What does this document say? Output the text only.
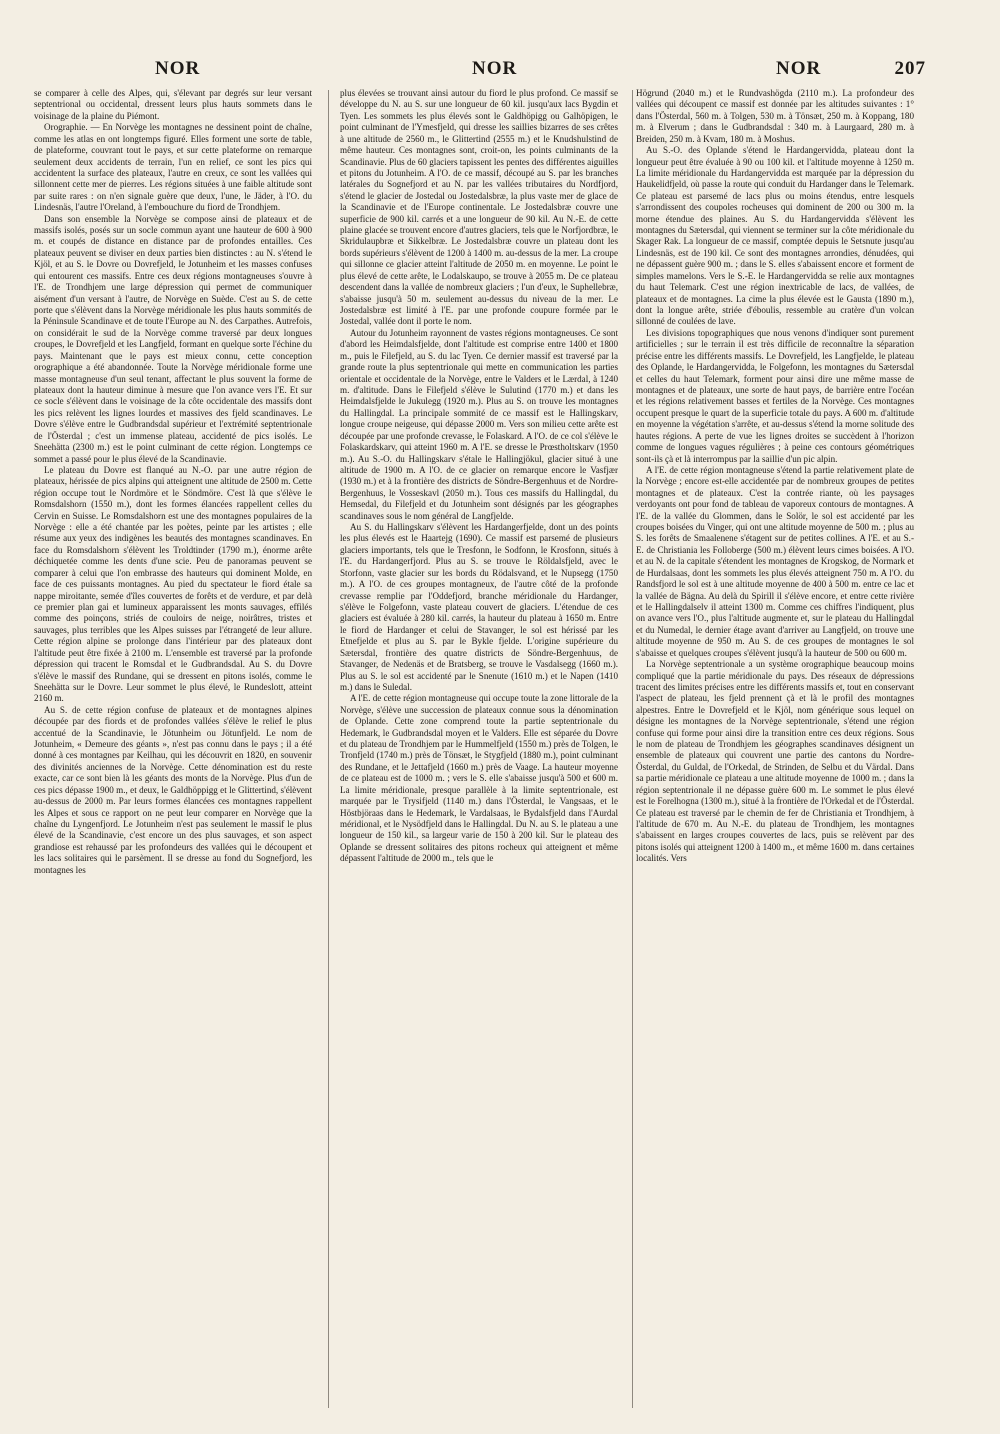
NOR	NOR	NOR	207

se comparer à celle des Alpes, qui, s'élevant par degrés sur leur versant septentrional ou occidental, dressent leurs plus hauts sommets dans le voisinage de la plaine du Piémont.

Orographie. — En Norvège les montagnes ne dessinent point de chaîne, comme les atlas en ont longtemps figuré. Elles forment une sorte de table, de plateforme, couvrant tout le pays, et sur cette plateforme on remarque seulement deux accidents de terrain, l'un en relief, ce sont les pics qui accidentent la surface des plateaux, l'autre en creux, ce sont les vallées qui sillonnent cette mer de pierres. Les régions situées à une faible altitude sont par suite rares : on n'en signale guère que deux, l'une, le Jäder, à l'O. du Lindesnäs, l'autre l'Oreland, à l'embouchure du fiord de Trondhjem.

Dans son ensemble la Norvège se compose ainsi de plateaux et de massifs isolés, posés sur un socle commun ayant une hauteur de 600 à 900 m. et coupés de distance en distance par de profondes entailles. Ces plateaux peuvent se diviser en deux parties bien distinctes : au N. s'étend le Kjöl, et au S. le Dovre ou Dovrefjeld, le Jotunheim et les masses confuses qui entourent ces massifs. Entre ces deux régions montagneuses s'ouvre à l'E. de Trondhjem une large dépression qui permet de communiquer aisément d'un versant à l'autre, de Norvège en Suède. C'est au S. de cette porte que s'élèvent dans la Norvège méridionale les plus hauts sommités de la Péninsule Scandinave et de toute l'Europe au N. des Carpathes. Autrefois, on considérait le sud de la Norvège comme traversé par deux longues croupes, le Dovrefjeld et les Langfjeld, formant en quelque sorte l'échine du pays. Maintenant que le pays est mieux connu, cette conception orographique a été abandonnée. Toute la Norvège méridionale forme une masse montagneuse d'un seul tenant, affectant le plus souvent la forme de plateaux dont la hauteur diminue à mesure que l'on avance vers l'E. Et sur ce socle s'élèvent dans le voisinage de la côte occidentale des massifs dont les pics relèvent les lignes lourdes et massives des fjeld scandinaves. Le Dovre s'élève entre le Gudbrandsdal supérieur et l'extrémité septentrionale de l'Österdal ; c'est un immense plateau, accidenté de pics isolés. Le Sneehätta (2300 m.) est le point culminant de cette région. Longtemps ce sommet a passé pour le plus élevé de la Scandinavie.

Le plateau du Dovre est flanqué au N.-O. par une autre région de plateaux, hérissée de pics alpins qui atteignent une altitude de 2500 m. Cette région occupe tout le Nordmöre et le Söndmöre. C'est là que s'élève le Romsdalshorn (1550 m.), dont les formes élancées rappellent celles du Cervin en Suisse. Le Romsdalshorn est une des montagnes populaires de la Norvège : elle a été chantée par les poètes, peinte par les artistes ; elle résume aux yeux des indigènes les beautés des montagnes scandinaves. En face du Romsdalshorn s'élèvent les Troldtinder (1790 m.), énorme arête déchiquetée comme les dents d'une scie. Peu de panoramas peuvent se comparer à celui que l'on embrasse des hauteurs qui dominent Molde, en face de ces puissants montagnes. Au pied du spectateur le fiord étale sa nappe miroitante, semée d'îles couvertes de forêts et de verdure, et par delà ce premier plan gai et lumineux apparaissent les monts sauvages, effilés comme des poinçons, striés de couloirs de neige, noirâtres, tristes et sauvages, plus terribles que les Alpes suisses par l'étrangeté de leur allure. Cette région alpine se prolonge dans l'intérieur par des plateaux dont l'altitude peut être fixée à 2100 m. L'ensemble est traversé par la profonde dépression qui tracent le Romsdal et le Gudbrandsdal. Au S. du Dovre s'élève le massif des Rundane, qui se dressent en pitons isolés, comme le Sneehätta sur le Dovre. Leur sommet le plus élevé, le Rundeslott, atteint 2160 m.

Au S. de cette région confuse de plateaux et de montagnes alpines découpée par des fiords et de profondes vallées s'élève le relief le plus accentué de la Scandinavie, le Jötunheim ou Jötunfjeld. Le nom de Jotunheim, « Demeure des géants », n'est pas connu dans le pays ; il a été donné à ces montagnes par Keilhau, qui les découvrit en 1820, en souvenir des divinités anciennes de la Norvège. Cette dénomination est du reste exacte, car ce sont bien là les géants des monts de la Norvège. Plus d'un de ces pics dépasse 1900 m., et deux, le Galdhöppigg et le Glittertind, s'élèvent au-dessus de 2000 m. Par leurs formes élancées ces montagnes rappellent les Alpes et sous ce rapport on ne peut leur comparer en Norvège que la chaîne du Lyngenfjord. Le Jotunheim n'est pas seulement le massif le plus élevé de la Scandinavie, c'est encore un des plus sauvages, et son aspect grandiose est rehaussé par les profondeurs des vallées qui le découpent et les lacs solitaires qui le parsèment. Il se dresse au fond du Sognefjord, les montagnes les

plus élevées se trouvant ainsi autour du fiord le plus profond. Ce massif se développe du N. au S. sur une longueur de 60 kil. jusqu'aux lacs Bygdin et Tyen. Les sommets les plus élevés sont le Galdhöpigg ou Galhöpigen, le point culminant de l'Ymesfjeld, qui dresse les saillies bizarres de ses crêtes à une altitude de 2560 m., le Glittertind (2555 m.) et le Knudshulstind de même hauteur. Ces montagnes sont, croit-on, les points culminants de la Scandinavie. Plus de 60 glaciers tapissent les pentes des différentes aiguilles et pitons du Jotunheim. A l'O. de ce massif, découpé au S. par les branches latérales du Sognefjord et au N. par les vallées tributaires du Nordfjord, s'étend le glacier de Jostedal ou Jostedalsbræ, la plus vaste mer de glace de la Scandinavie et de l'Europe continentale. Le Jostedalsbræ couvre une superficie de 900 kil. carrés et a une longueur de 90 kil. Au N.-E. de cette plaine glacée se trouvent encore d'autres glaciers, tels que le Norfjordbræ, le Skridulaupbræ et Sikkelbræ. Le Jostedalsbræ couvre un plateau dont les bords supérieurs s'élèvent de 1200 à 1400 m. au-dessus de la mer. La croupe qui sillonne ce glacier atteint l'altitude de 2050 m. en moyenne. Le point le plus élevé de cette arête, le Lodalskaupo, se trouve à 2055 m. De ce plateau descendent dans la vallée de nombreux glaciers ; l'un d'eux, le Suphellebræ, s'abaisse jusqu'à 50 m. seulement au-dessus du niveau de la mer. Le Jostedalsbræ est limité à l'E. par une profonde coupure formée par le Jostedal, vallée dont il porte le nom.

Autour du Jotunheim rayonnent de vastes régions montagneuses. Ce sont d'abord les Heimdalsfjelde, dont l'altitude est comprise entre 1400 et 1800 m., puis le Filefjeld, au S. du lac Tyen. Ce dernier massif est traversé par la grande route la plus septentrionale qui mette en communication les parties orientale et occidentale de la Norvège, entre le Valders et le Lærdal, à 1240 m. d'altitude. Dans le Filefjeld s'élève le Sulutind (1770 m.) et dans les Heimdalsfjelde le Jukulegg (1920 m.). Plus au S. on trouve les montagnes du Hallingdal. La principale sommité de ce massif est le Hallingskarv, longue croupe neigeuse, qui dépasse 2000 m. Vers son milieu cette arête est découpée par une profonde crevasse, le Folaskard. A l'O. de ce col s'élève le Folaskardskarv, qui atteint 1960 m. A l'E. se dresse le Prœstholtskarv (1950 m.). Au S.-O. du Hallingskarv s'étale le Hallingjökul, glacier situé à une altitude de 1900 m. A l'O. de ce glacier on remarque encore le Vasfjær (1930 m.) et à la frontière des districts de Söndre-Bergenhuus et de Nordre-Bergenhuus, le Vosseskavl (2050 m.). Tous ces massifs du Hallingdal, du Hemsedal, du Filefjeld et du Jotunheim sont désignés par les géographes scandinaves sous le nom général de Langfjelde.

Au S. du Hallingskarv s'élèvent les Hardangerfjelde, dont un des points les plus élevés est le Haartejg (1690). Ce massif est parsemé de plusieurs glaciers importants, tels que le Tresfonn, le Sodfonn, le Krosfonn, situés à l'E. du Hardangerfjord. Plus au S. se trouve le Röldalsfjeld, avec le Storfonn, vaste glacier sur les bords du Rödalsvand, et le Nupsegg (1750 m.). A l'O. de ces groupes montagneux, de l'autre côté de la profonde crevasse remplie par l'Oddefjord, branche méridionale du Hardanger, s'élève le Folgefonn, vaste plateau couvert de glaciers. L'étendue de ces glaciers est évaluée à 280 kil. carrés, la hauteur du plateau à 1650 m. Entre le fiord de Hardanger et celui de Stavanger, le sol est hérissé par les Etnefjelde et plus au S. par le Bykle fjelde. L'origine supérieure du Sætersdal, frontière des quatre districts de Söndre-Bergenhuus, de Stavanger, de Nedenäs et de Bratsberg, se trouve le Vasdalsegg (1660 m.). Plus au S. le sol est accidenté par le Snenute (1610 m.) et le Napen (1410 m.) dans le Suledal.

A l'E. de cette région montagneuse qui occupe toute la zone littorale de la Norvège, s'élève une succession de plateaux connue sous la dénomination de Oplande. Cette zone comprend toute la partie septentrionale du Hedemark, le Gudbrandsdal moyen et le Valders. Elle est séparée du Dovre et du plateau de Trondhjem par le Hummelfjeld (1550 m.) près de Tolgen, le Tronfjeld (1740 m.) près de Tönsæt, le Stygfjeld (1880 m.), point culminant des Rundane, et le Jettafjeld (1660 m.) près de Vaage. La hauteur moyenne de ce plateau est de 1000 m. ; vers le S. elle s'abaisse jusqu'à 500 et 600 m. La limite méridionale, presque parallèle à la limite septentrionale, est marquée par le Trysifjeld (1140 m.) dans l'Österdal, le Vangsaas, et le Höstbjöraas dans le Hedemark, le Vardalsaas, le Bydalsfjeld dans l'Aurdal méridional, et le Nysödfjeld dans le Hallingdal. Du N. au S. le plateau a une longueur de 150 kil., sa largeur varie de 150 à 200 kil. Sur le plateau des Oplande se dressent solitaires des pitons rocheux qui atteignent et même dépassent l'altitude de 2000 m., tels que le

Högrund (2040 m.) et le Rundvashögda (2110 m.). La profondeur des vallées qui découpent ce massif est donnée par les altitudes suivantes : 1° dans l'Österdal, 560 m. à Tolgen, 530 m. à Tönsæt, 250 m. à Koppang, 180 m. à Elverum ; dans le Gudbrandsdal : 340 m. à Laurgaard, 280 m. à Breiden, 250 m. à Kvam, 180 m. à Moshus.

Au S.-O. des Oplande s'étend le Hardangervidda, plateau dont la longueur peut être évaluée à 90 ou 100 kil. et l'altitude moyenne à 1250 m. La limite méridionale du Hardangervidda est marquée par la dépression du Haukelidfjeld, où passe la route qui conduit du Hardanger dans le Telemark. Ce plateau est parsemé de lacs plus ou moins étendus, entre lesquels s'arrondissent des coupoles rocheuses qui dominent de 200 ou 300 m. la morne étendue des plaines. Au S. du Hardangervidda s'élèvent les montagnes du Sætersdal, qui viennent se terminer sur la côte méridionale du Skager Rak. La longueur de ce massif, comptée depuis le Setsnute jusqu'au Lindesnäs, est de 190 kil. Ce sont des montagnes arrondies, dénudées, qui ne dépassent guère 900 m. ; dans le S. elles s'abaissent encore et forment de simples mamelons. Vers le S.-E. le Hardangervidda se relie aux montagnes du haut Telemark. C'est une région inextricable de lacs, de vallées, de plateaux et de montagnes. La cime la plus élevée est le Gausta (1890 m.), dont la longue arête, striée d'éboulis, ressemble au cratère d'un volcan sillonné de coulées de lave.

Les divisions topographiques que nous venons d'indiquer sont purement artificielles ; sur le terrain il est très difficile de reconnaître la séparation précise entre les différents massifs. Le Dovrefjeld, les Langfjelde, le plateau des Oplande, le Hardangervidda, le Folgefonn, les montagnes du Sætersdal et celles du haut Telemark, forment pour ainsi dire une même masse de montagnes et de plateaux, une sorte de haut pays, de barrière entre l'océan et les régions relativement basses et fertiles de la Norvège. Ces montagnes occupent presque le quart de la superficie totale du pays. A 600 m. d'altitude en moyenne la végétation s'arrête, et au-dessus s'étend la morne solitude des hautes régions. A perte de vue les lignes droites se succèdent à l'horizon comme de longues vagues régulières ; à peine ces contours géométriques sont-ils çà et là interrompus par la saillie d'un pic alpin.

A l'E. de cette région montagneuse s'étend la partie relativement plate de la Norvège ; encore est-elle accidentée par de nombreux groupes de petites montagnes et de plateaux. C'est la contrée riante, où les paysages verdoyants ont pour fond de tableau de vaporeux contours de montagnes. A l'E. de la vallée du Glommen, dans le Solör, le sol est accidenté par les croupes boisées du Vinger, qui ont une altitude moyenne de 500 m. ; plus au S. les forêts de Smaalenene s'étagent sur de petites collines. A l'E. et au S.-E. de Christiania les Folloberge (500 m.) élèvent leurs cimes boisées. A l'O. et au N. de la capitale s'étendent les montagnes de Krogskog, de Normark et de Hurdalsaas, dont les sommets les plus élevés atteignent 750 m. A l'O. du Randsfjord le sol est à une altitude moyenne de 400 à 500 m. entre ce lac et la vallée de Bägna. Au delà du Spirill il s'élève encore, et entre cette rivière et le Hallingdalselv il atteint 1300 m. Comme ces chiffres l'indiquent, plus on avance vers l'O., plus l'altitude augmente et, sur le plateau du Hallingdal et du Numedal, le dernier étage avant d'arriver au Langfjeld, on trouve une altitude moyenne de 950 m. Au S. de ces groupes de montagnes le sol s'abaisse et quelques croupes s'élèvent jusqu'à la hauteur de 500 ou 600 m.

La Norvège septentrionale a un système orographique beaucoup moins compliqué que la partie méridionale du pays. Des réseaux de dépressions tracent des limites précises entre les différents massifs et, tout en conservant l'aspect de plateau, les fjeld prennent çà et là le profil des montagnes alpestres. Entre le Dovrefjeld et le Kjöl, nom générique sous lequel on désigne les montagnes de la Norvège septentrionale, s'étend une région confuse qui forme pour ainsi dire la transition entre ces deux régions. Sous le nom de plateau de Trondhjem les géographes scandinaves désignent un ensemble de plateaux qui couvrent une partie des cantons du Nordre-Österdal, du Guldal, de l'Orkedal, de Strinden, de Selbu et du Värdal. Dans sa partie méridionale ce plateau a une altitude moyenne de 1000 m. ; dans la région septentrionale il ne dépasse guère 600 m. Le sommet le plus élevé est le Forelhogna (1300 m.), situé à la frontière de l'Orkedal et de l'Österdal. Ce plateau est traversé par le chemin de fer de Christiania et Trondhjem, à l'altitude de 670 m. Au N.-E. du plateau de Trondhjem, les montagnes s'abaissent en larges croupes couvertes de lacs, puis se relèvent par des pitons isolés qui atteignent 1200 à 1400 m., et même 1600 m. dans certaines localités. Vers
